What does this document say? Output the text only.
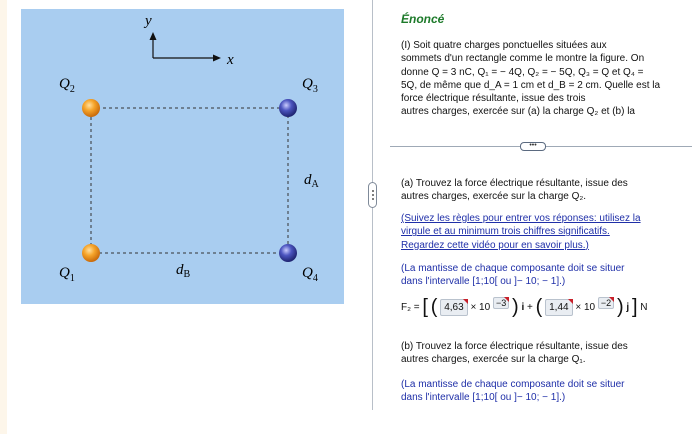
y
x
$Q_2$	$Q_3$
$Q_1$	$Q_4$
$d_A$
$d_B$
Énoncé
(I) Soit quatre charges ponctuelles situées aux
sommets d'un rectangle comme le montre la figure. On
donne Q = 3 nC, Q₁ = − 4Q, Q₂ = − 5Q, Q₃ = Q et Q₄ =
5Q, de même que d_A = 1 cm et d_B = 2 cm. Quelle est la
force électrique résultante, issue des trois
autres charges, exercée sur (a) la charge Q₂ et (b) la
(a) Trouvez la force électrique résultante, issue des
autres charges, exercée sur la charge Q₂.
(Suivez les règles pour entrer vos réponses: utilisez la
virgule et au minimum trois chiffres significatifs.
Regardez cette vidéo pour en savoir plus.)
(La mantisse de chaque composante doit se situer
dans l'intervalle [1;10[ ou ]− 10; − 1].)
F₂ = [ ( 4,63 × 10 −3 ) i + ( 1,44 × 10 −2 ) j ] N
(b) Trouvez la force électrique résultante, issue des
autres charges, exercée sur la charge Q₁.
(La mantisse de chaque composante doit se situer
dans l'intervalle [1;10[ ou ]− 10; − 1].)
•••
